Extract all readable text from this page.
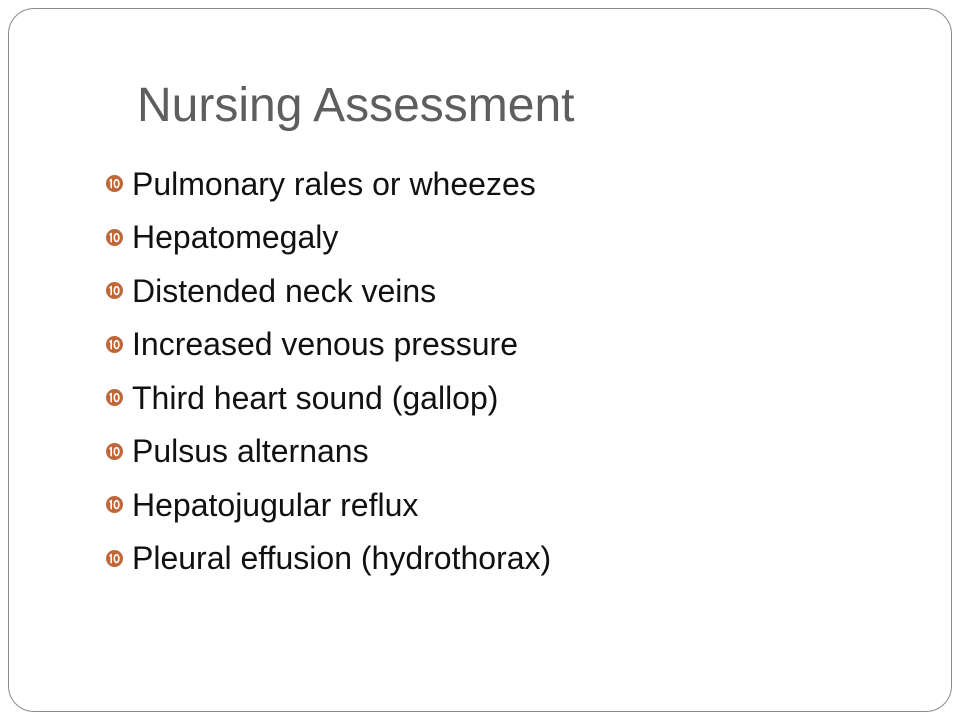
Nursing Assessment
Pulmonary rales or wheezes
Hepatomegaly
Distended neck veins
Increased venous pressure
Third heart sound (gallop)
Pulsus alternans
Hepatojugular reflux
Pleural effusion (hydrothorax)
